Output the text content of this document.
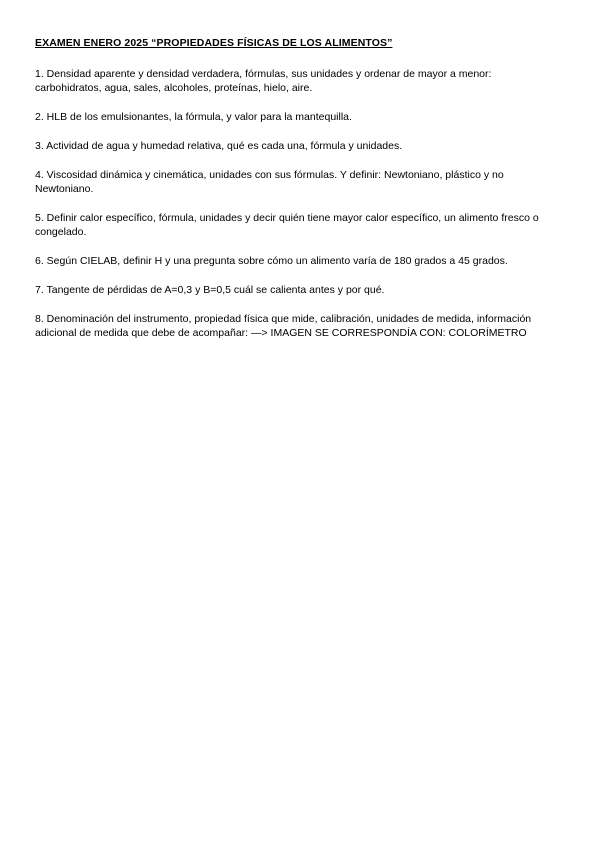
EXAMEN ENERO 2025 “PROPIEDADES FÍSICAS DE LOS ALIMENTOS”
1. Densidad aparente y densidad verdadera, fórmulas, sus unidades y ordenar de mayor a menor: carbohidratos, agua, sales, alcoholes, proteínas, hielo, aire.
2. HLB de los emulsionantes, la fórmula, y valor para la mantequilla.
3. Actividad de agua y humedad relativa, qué es cada una, fórmula y unidades.
4. Viscosidad dinámica y cinemática, unidades con sus fórmulas. Y definir: Newtoniano, plástico y no Newtoniano.
5. Definir calor específico, fórmula, unidades y decir quién tiene mayor calor específico, un alimento fresco o congelado.
6. Según CIELAB, definir H y una pregunta sobre cómo un alimento varía de 180 grados a 45 grados.
7. Tangente de pérdidas de A=0,3 y B=0,5 cuál se calienta antes y por qué.
8. Denominación del instrumento, propiedad física que mide, calibración, unidades de medida, información adicional de medida que debe de acompañar: —> IMAGEN SE CORRESPONDÍA CON: COLORÍMETRO
